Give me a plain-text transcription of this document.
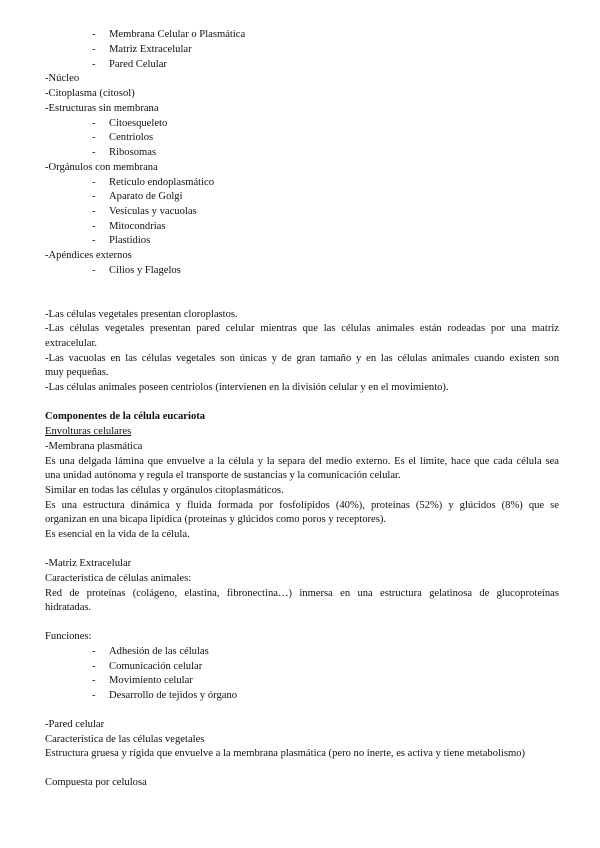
- Membrana Celular o Plasmática
- Matriz Extracelular
- Pared Celular
-Núcleo
-Citoplasma (citosol)
-Estructuras sin membrana
- Citoesqueleto
- Centriolos
- Ribosomas
-Orgánulos con membrana
- Retículo endoplasmático
- Aparato de Golgi
- Vesículas y vacuolas
- Mitocondrias
- Plastidios
-Apéndices externos
- Cilios y Flagelos
-Las células vegetales presentan cloroplastos.
-Las células vegetales presentan pared celular mientras que las células animales están rodeadas por una matriz
extracelular.
-Las vacuolas en las células vegetales son únicas y de gran tamaño y en las células animales cuando existen son
muy pequeñas.
-Las células animales poseen centriolos (intervienen en la división celular y en el movimiento).
Componentes de la célula eucariota
Envolturas celulares
-Membrana plasmática
Es una delgada lámina que envuelve a la célula y la separa del medio externo. Es el límite, hace que cada célula sea
una unidad autónoma y regula el transporte de sustancias y la comunicación celular.
Similar en todas las células y orgánulos citoplasmáticos.
Es una estructura dinámica y fluida formada por fosfolípidos (40%), proteínas (52%) y glúcidos (8%) que se
organizan en una bicapa lipídica (proteínas y glúcidos como poros y receptores).
Es esencial en la vida de la célula.
-Matriz Extracelular
Característica de células animales:
Red de proteínas (colágeno, elastina, fibronectina…) inmersa en una estructura gelatinosa de glucoproteínas
hidratadas.
Funciones:
- Adhesión de las células
- Comunicación celular
- Movimiento celular
- Desarrollo de tejidos y órgano
-Pared celular
Característica de las células vegetales
Estructura gruesa y rígida que envuelve a la membrana plasmática (pero no inerte, es activa y tiene metabolismo)
Compuesta por celulosa
